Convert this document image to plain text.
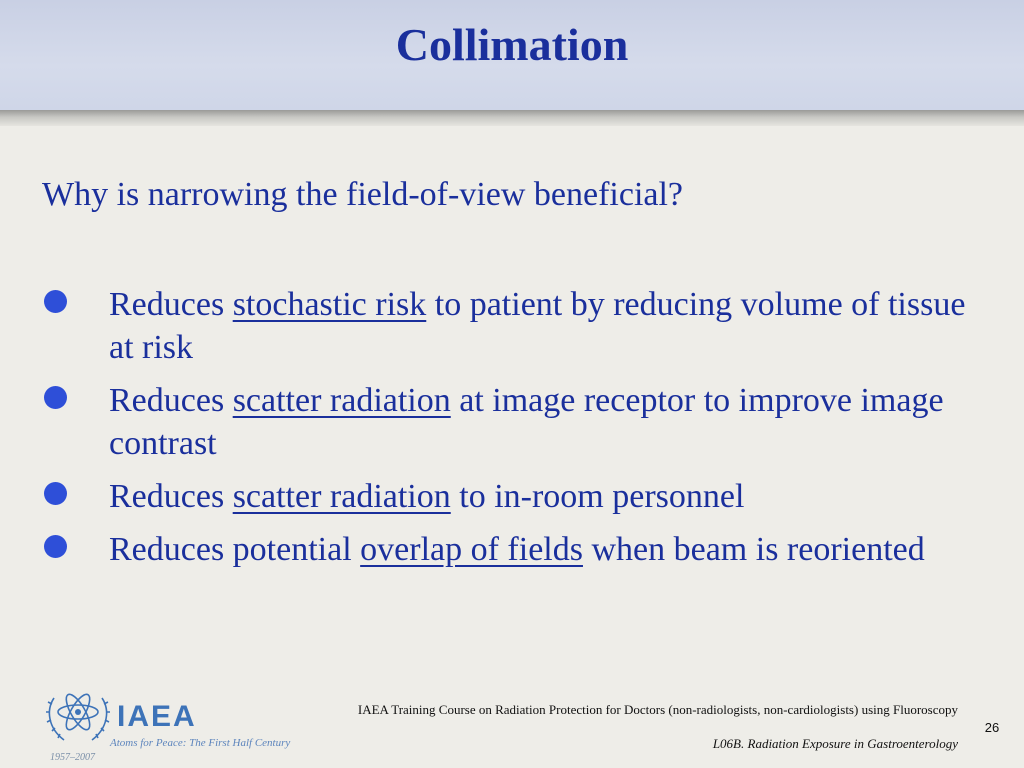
Collimation

Why is narrowing the field-of-view beneficial?

Reduces stochastic risk to patient by reducing volume of tissue at risk
Reduces scatter radiation at image receptor to improve image contrast
Reduces scatter radiation to in-room personnel
Reduces potential overlap of fields when beam is reoriented
IAEA
Atoms for Peace: The First Half Century
1957–2007
IAEA Training Course on Radiation Protection for Doctors (non-radiologists, non-cardiologists) using Fluoroscopy
26
L06B. Radiation Exposure in Gastroenterology
